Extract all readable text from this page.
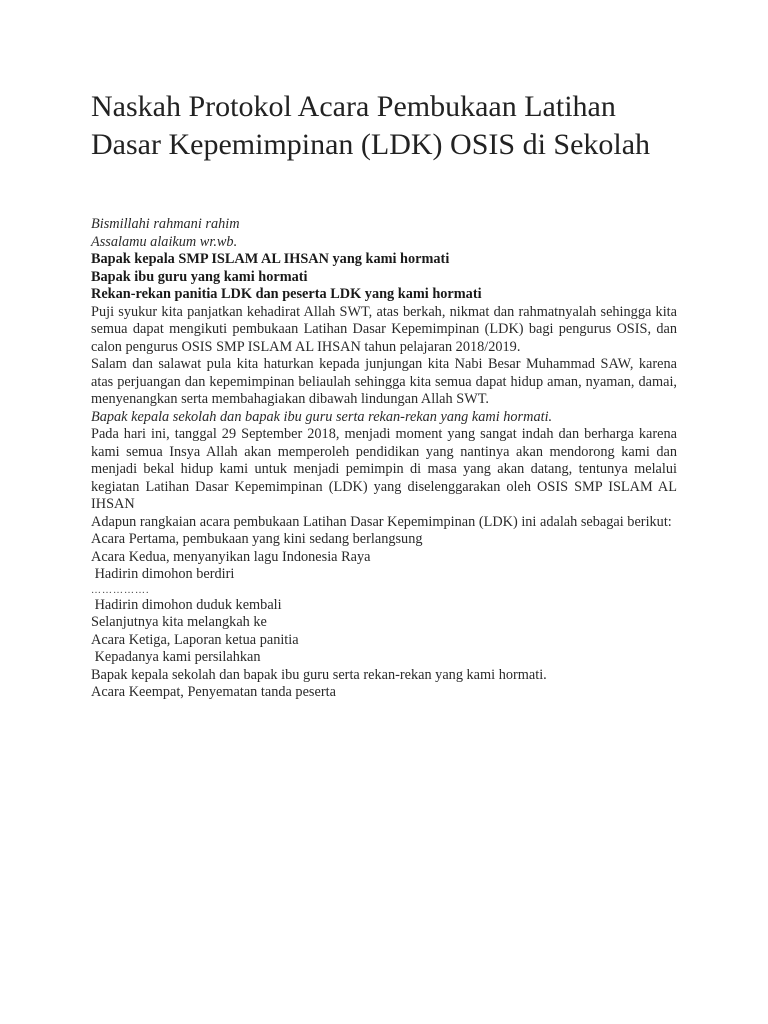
Naskah Protokol Acara Pembukaan Latihan Dasar Kepemimpinan (LDK) OSIS di Sekolah

Bismillahi rahmani rahim
Assalamu alaikum wr.wb.

Bapak kepala SMP ISLAM AL IHSAN yang kami hormati
Bapak ibu guru yang kami hormati
Rekan-rekan panitia LDK dan peserta LDK yang kami hormati

Puji syukur kita panjatkan kehadirat Allah SWT, atas berkah, nikmat dan rahmatnyalah sehingga kita semua dapat mengikuti pembukaan Latihan Dasar Kepemimpinan (LDK) bagi pengurus OSIS, dan calon pengurus OSIS SMP ISLAM AL IHSAN tahun pelajaran 2018/2019.

Salam dan salawat pula kita haturkan kepada junjungan kita Nabi Besar Muhammad SAW, karena atas perjuangan dan kepemimpinan beliaulah sehingga kita semua dapat hidup aman, nyaman, damai, menyenangkan serta membahagiakan dibawah lindungan Allah SWT.

Bapak kepala sekolah dan bapak ibu guru serta rekan-rekan yang kami hormati.

Pada hari ini, tanggal 29 September 2018, menjadi moment yang sangat indah dan berharga karena kami semua Insya Allah akan memperoleh pendidikan yang nantinya akan mendorong kami dan menjadi bekal hidup kami untuk menjadi pemimpin di masa yang akan datang, tentunya melalui kegiatan Latihan Dasar Kepemimpinan (LDK) yang diselenggarakan oleh OSIS SMP ISLAM AL IHSAN

Adapun rangkaian acara pembukaan Latihan Dasar Kepemimpinan (LDK) ini adalah sebagai berikut:

Acara Pertama, pembukaan yang kini sedang berlangsung

Acara Kedua, menyanyikan lagu Indonesia Raya
Hadirin dimohon berdiri
…………….
Hadirin dimohon duduk kembali
Selanjutnya kita melangkah ke
Acara Ketiga, Laporan ketua panitia
Kepadanya kami persilahkan

Bapak kepala sekolah dan bapak ibu guru serta rekan-rekan yang kami hormati.

Acara Keempat, Penyematan tanda peserta
